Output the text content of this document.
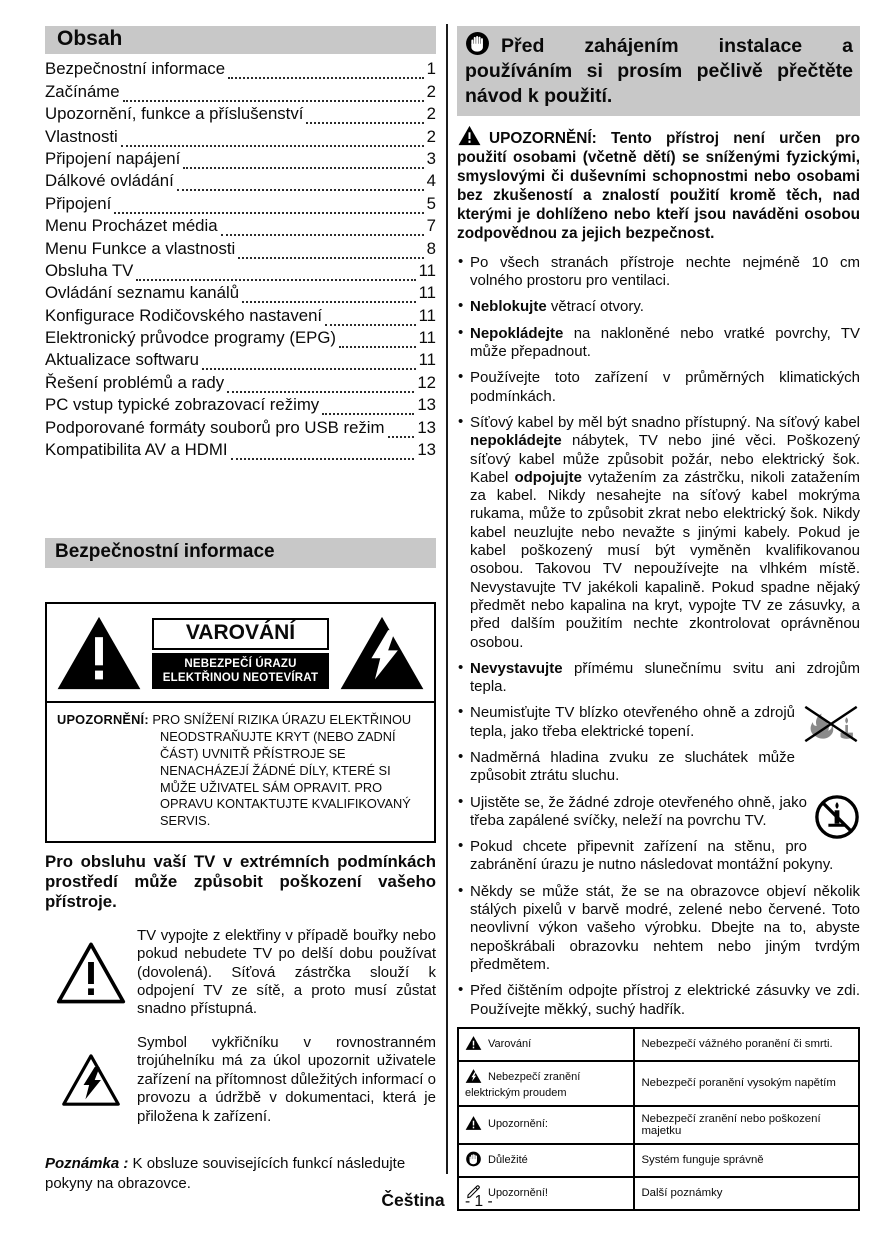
Obsah
Bezpečnostní informace	1
Začínáme	2
Upozornění, funkce a příslušenství	2
Vlastnosti	2
Připojení napájení	3
Dálkové ovládání	4
Připojení	5
Menu Procházet média	7
Menu Funkce a vlastnosti	8
Obsluha TV	11
Ovládání seznamu kanálů	11
Konfigurace Rodičovského nastavení	11
Elektronický průvodce programy (EPG)	11
Aktualizace softwaru	11
Řešení problémů a rady	12
PC vstup typické zobrazovací režimy	13
Podporované formáty souborů pro USB režim 13
Kompatibilita AV a HDMI	13
Bezpečnostní informace
VAROVÁNÍ
NEBEZPEČÍ ÚRAZU
ELEKTŘINOU NEOTEVÍRAT

UPOZORNĚNÍ: PRO SNÍŽENÍ RIZIKA ÚRAZU ELEKTŘINOU NEODSTRAŇUJTE KRYT (NEBO ZADNÍ ČÁST) UVNITŘ PŘÍSTROJE SE NENACHÁZEJÍ ŽÁDNÉ DÍLY, KTERÉ SI MŮŽE UŽIVATEL SÁM OPRAVIT. PRO OPRAVU KONTAKTUJTE KVALIFIKOVANÝ SERVIS.

Pro obsluhu vaší TV v extrémních podmínkách prostředí může způsobit poškození vašeho přístroje.

TV vypojte z elektřiny v případě bouřky nebo pokud nebudete TV po delší dobu používat (dovolená). Síťová zástrčka slouží k odpojení TV ze sítě, a proto musí zůstat snadno přístupná.

Symbol vykřičníku v rovnostranném trojúhelníku má za úkol upozornit uživatele zařízení na přítomnost důležitých informací o provozu a údržbě v dokumentaci, která je přiložena k zařízení.

Poznámka : K obsluze souvisejících funkcí následujte pokyny na obrazovce.

Před zahájením instalace a používáním si prosím pečlivě přečtěte návod k použití.

UPOZORNĚNÍ: Tento přístroj není určen pro použití osobami (včetně dětí) se sníženými fyzickými, smyslovými či duševními schopnostmi nebo osobami bez zkušeností a znalostí použití kromě těch, nad kterými je dohlíženo nebo kteří jsou naváděni osobou zodpovědnou za jejich bezpečnost.

• Po všech stranách přístroje nechte nejméně 10 cm volného prostoru pro ventilaci.
• Neblokujte větrací otvory.
• Nepokládejte na nakloněné nebo vratké povrchy, TV může přepadnout.
• Používejte toto zařízení v průměrných klimatických podmínkách.
• Síťový kabel by měl být snadno přístupný. Na síťový kabel nepokládejte nábytek, TV nebo jiné věci. Poškozený síťový kabel může způsobit požár, nebo elektrický šok. Kabel odpojujte vytažením za zástrčku, nikoli zatažením za kabel. Nikdy nesahejte na síťový kabel mokrýma rukama, může to způsobit zkrat nebo elektrický šok. Nikdy kabel neuzlujte nebo nevažte s jinými kabely. Pokud je kabel poškozený musí být vyměněn kvalifikovanou osobou. Takovou TV nepoužívejte na vlhkém místě. Nevystavujte TV jakékoli kapalině. Pokud spadne nějaký předmět nebo kapalina na kryt, vypojte TV ze zásuvky, a před dalším použitím nechte zkontrolovat oprávněnou osobou.
• Nevystavujte přímému slunečnímu svitu ani zdrojům tepla.
• Neumisťujte TV blízko otevřeného ohně a zdrojů tepla, jako třeba elektrické topení.
• Nadměrná hladina zvuku ze sluchátek může způsobit ztrátu sluchu.
• Ujistěte se, že žádné zdroje otevřeného ohně, jako třeba zapálené svíčky, neleží na povrchu TV.
• Pokud chcete připevnit zařízení na stěnu, pro zabránění úrazu je nutno následovat montážní pokyny.
• Někdy se může stát, že se na obrazovce objeví několik stálých pixelů v barvě modré, zelené nebo červené. Toto neovlivní výkon vašeho výrobku. Dbejte na to, abyste nepoškrábali obrazovku nehtem nebo jiným tvrdým předmětem.
• Před čištěním odpojte přístroj z elektrické zásuvky ve zdi. Používejte měkký, suchý hadřík.
Varování	Nebezpečí vážného poranění či smrti.
Nebezpečí zranění elektrickým proudem	Nebezpečí poranění vysokým napětím
Upozornění:	Nebezpečí zranění nebo poškození majetku
Důležité	Systém funguje správně
Upozornění!	Další poznámky
Čeština - 1 -
